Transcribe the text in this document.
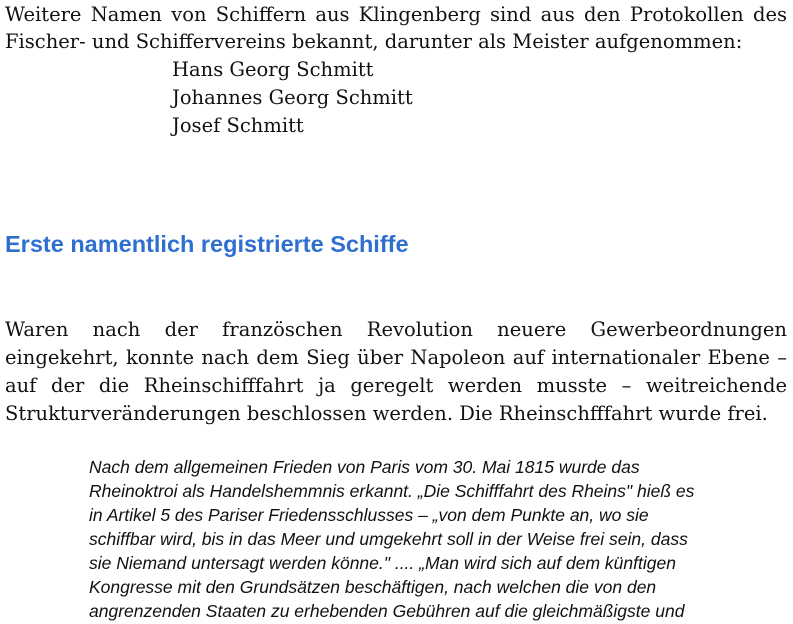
Weitere Namen von Schiffern aus Klingenberg sind aus den Protokollen des
Fischer- und Schiffervereins bekannt, darunter als Meister aufgenommen:
Hans Georg Schmitt
Johannes Georg Schmitt
Josef Schmitt
Erste namentlich registrierte Schiffe
Waren nach der französchen Revolution neuere Gewerbeordnungen
eingekehrt, konnte nach dem Sieg über Napoleon auf internationaler Ebene –
auf der die Rheinschifffahrt ja geregelt werden musste – weitreichende
Strukturveränderungen beschlossen werden. Die Rheinschfffahrt wurde frei.
Nach dem allgemeinen Frieden von Paris vom 30. Mai 1815 wurde das
Rheinoktroi als Handelshemmnis erkannt. „Die Schifffahrt des Rheins" hieß es
in Artikel 5 des Pariser Friedensschlusses – „von dem Punkte an, wo sie
schiffbar wird, bis in das Meer und umgekehrt soll in der Weise frei sein, dass
sie Niemand untersagt werden könne." .... „Man wird sich auf dem künftigen
Kongresse mit den Grundsätzen beschäftigen, nach welchen die von den
angrenzenden Staaten zu erhebenden Gebühren auf die gleichmäßigste und
